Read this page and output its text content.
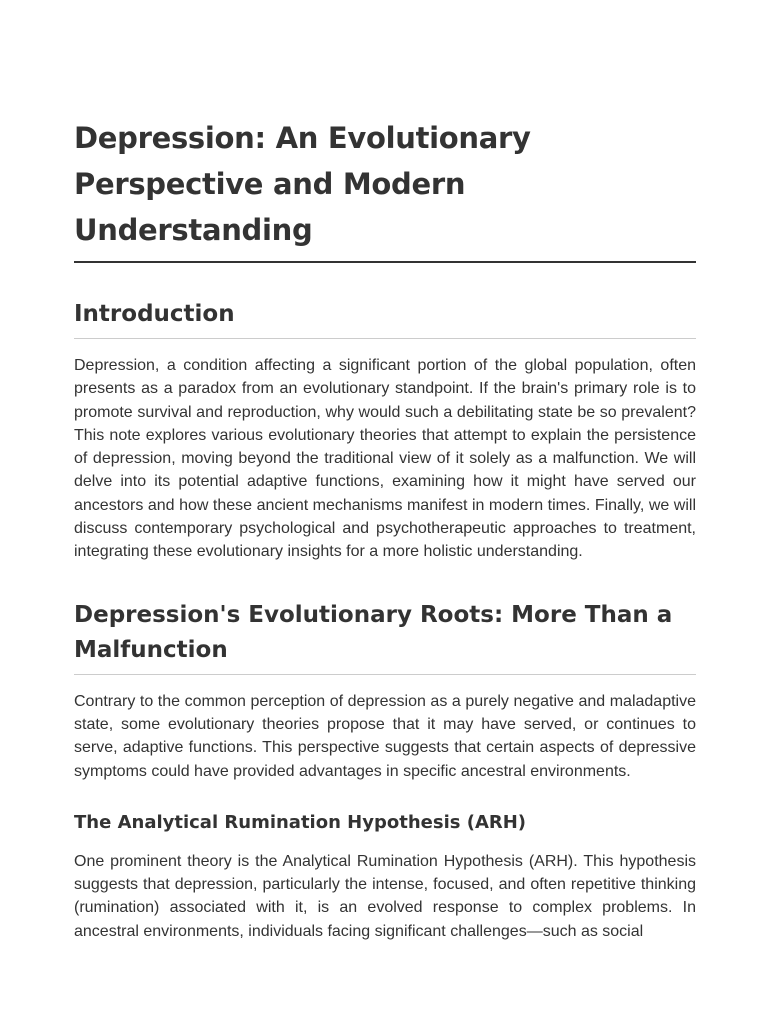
Depression: An Evolutionary Perspective and Modern Understanding
Introduction

Depression, a condition affecting a significant portion of the global population, often presents as a paradox from an evolutionary standpoint. If the brain's primary role is to promote survival and reproduction, why would such a debilitating state be so prevalent? This note explores various evolutionary theories that attempt to explain the persistence of depression, moving beyond the traditional view of it solely as a malfunction. We will delve into its potential adaptive functions, examining how it might have served our ancestors and how these ancient mechanisms manifest in modern times. Finally, we will discuss contemporary psychological and psychotherapeutic approaches to treatment, integrating these evolutionary insights for a more holistic understanding.

Depression's Evolutionary Roots: More Than a Malfunction

Contrary to the common perception of depression as a purely negative and maladaptive state, some evolutionary theories propose that it may have served, or continues to serve, adaptive functions. This perspective suggests that certain aspects of depressive symptoms could have provided advantages in specific ancestral environments.

The Analytical Rumination Hypothesis (ARH)

One prominent theory is the Analytical Rumination Hypothesis (ARH). This hypothesis suggests that depression, particularly the intense, focused, and often repetitive thinking (rumination) associated with it, is an evolved response to complex problems. In ancestral environments, individuals facing significant challenges—such as social
